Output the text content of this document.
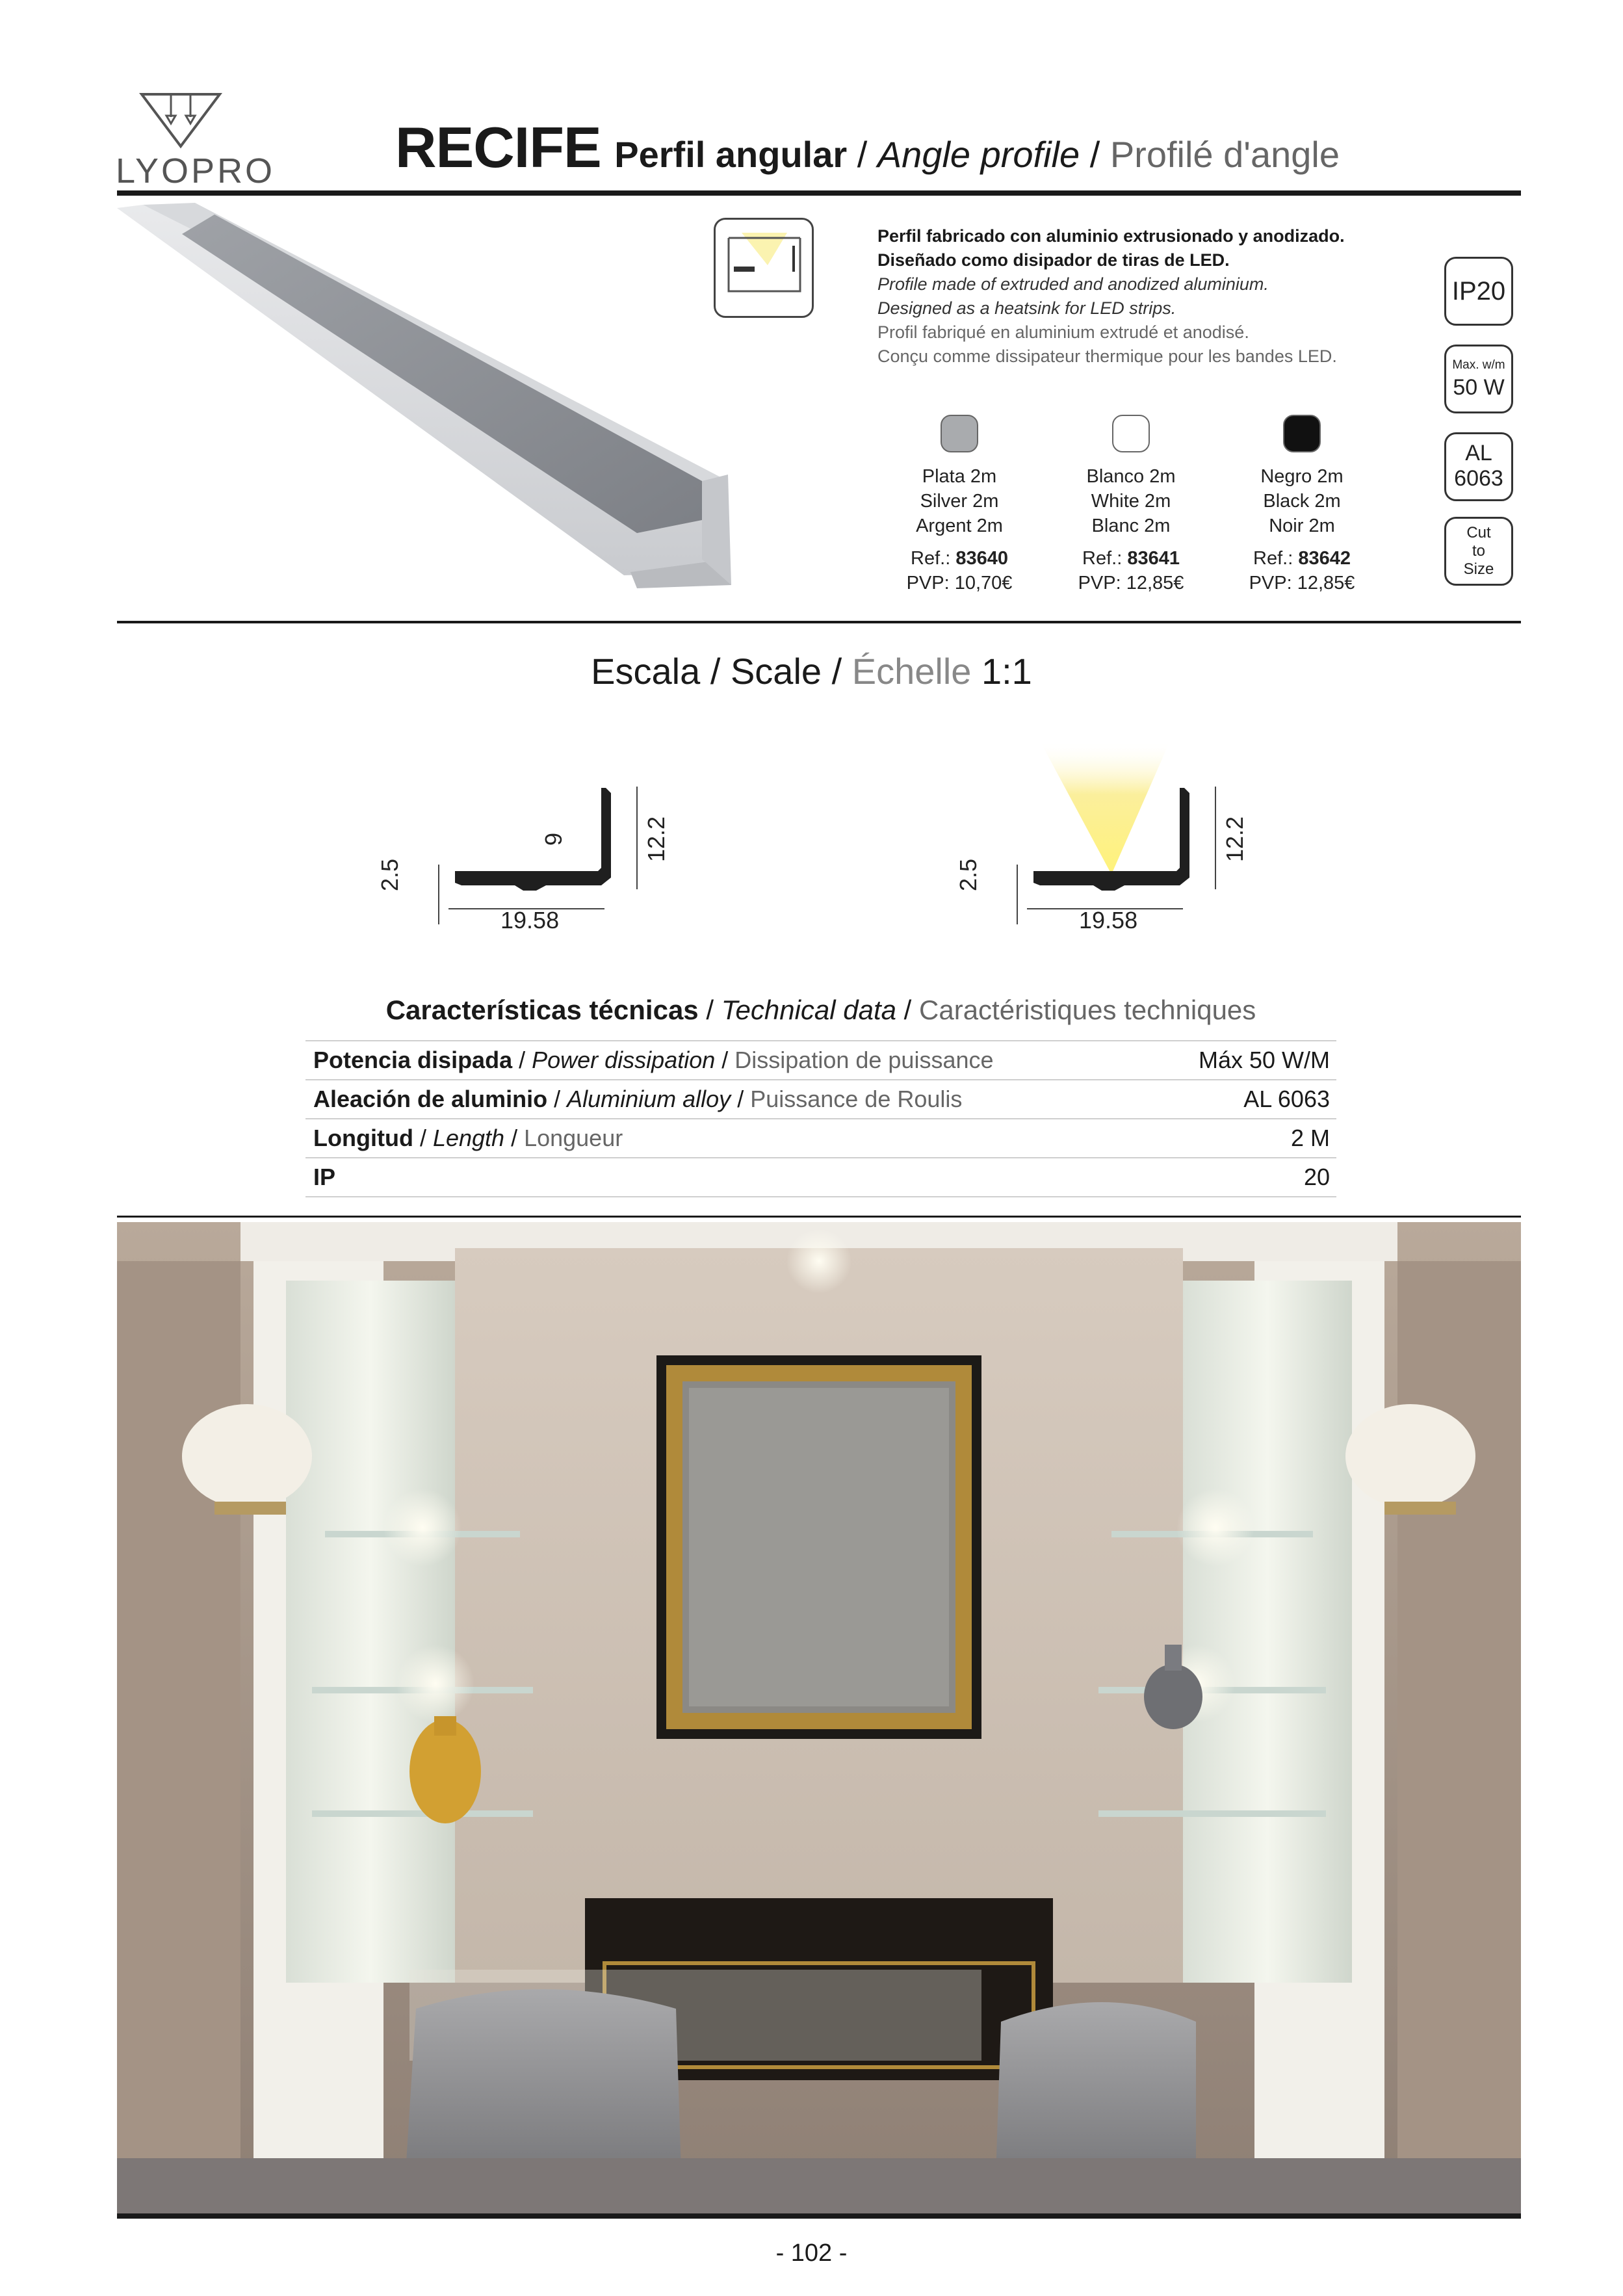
LYOPRO RECIFE Perfil angular / Angle profile / Profilé d'angle

Perfil fabricado con aluminio extrusionado y anodizado.

Diseñado como disipador de tiras de LED.

Profile made of extruded and anodized aluminium.

Designed as a heatsink for LED strips.

Profil fabriqué en aluminium extrudé et anodisé.

Conçu comme dissipateur thermique pour les bandes LED.

IP20
Max. w/m
50 W
AL
6063
Cut
to
Size
Plata 2m
Silver 2m
Argent 2m
Ref.: 83640
PVP: 10,70€
Blanco 2m
White 2m
Blanc 2m
Ref.: 83641
PVP: 12,85€
Negro 2m
Black 2m
Noir 2m
Ref.: 83642
PVP: 12,85€
Escala / Scale / Échelle 1:1
2.5
9	12.2
19.58
2.5
12.2
19.58
Características técnicas / Technical data / Caractéristiques techniques
Potencia disipada / Power dissipation / Dissipation de puissance	Máx 50 W/M
Aleación de aluminio / Aluminium alloy / Puissance de Roulis	AL 6063
Longitud / Length / Longueur	2 M
IP	20
- 102 -
